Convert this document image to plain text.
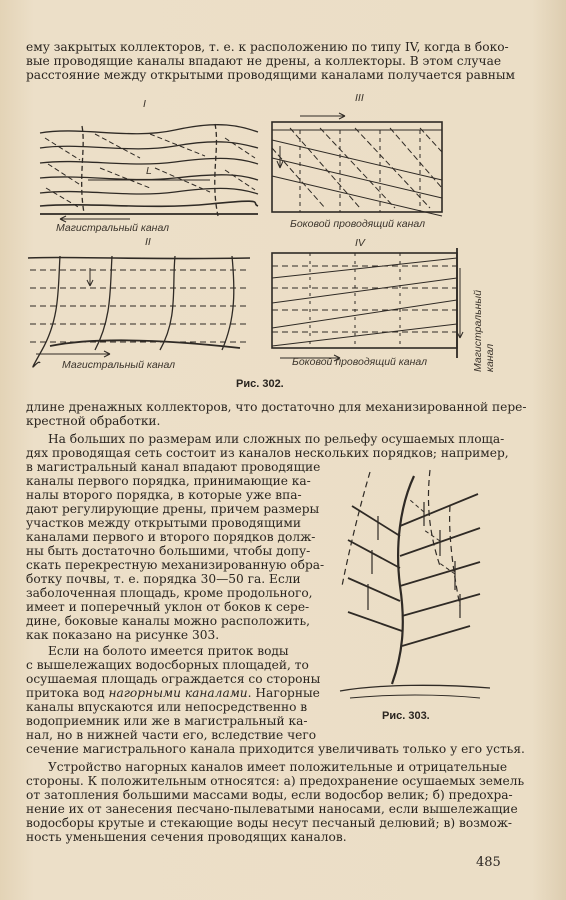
ему закрытых коллекторов, т. е. к расположению по типу IV, когда в боко-
вые проводящие каналы впадают не дрены, а коллекторы. В этом случае
расстояние между открытыми проводящими каналами получается равным
I	III
II	IV
L
Магистральный канал	Боковой проводящий канал
Магистральный канал	Боковой проводящий канал	Магистральный канал
Рис. 302.
длине дренажных коллекторов, что достаточно для механизированной пере-
крестной обработки.
На больших по размерам или сложных по рельефу осушаемых площа-
дях проводящая сеть состоит из каналов нескольких порядков; например,
в магистральный канал впадают проводящие
каналы первого порядка, принимающие ка-
налы второго порядка, в которые уже впа-
дают регулирующие дрены, причем размеры
участков между открытыми проводящими
каналами первого и второго порядков долж-
ны быть достаточно большими, чтобы допу-
скать перекрестную механизированную обра-
ботку почвы, т. е. порядка 30—50 га. Если
заболоченная площадь, кроме продольного,
имеет и поперечный уклон от боков к сере-
дине, боковые каналы можно расположить,
как показано на рисунке 303.
Если на болото имеется приток воды
с вышележащих водосборных площадей, то
осушаемая площадь ограждается со стороны
притока вод нагорными каналами. Нагорные
каналы впускаются или непосредственно в
водоприемник или же в магистральный ка-
нал, но в нижней части его, вследствие чего
сечение магистрального канала приходится увеличивать только у его устья.
Рис. 303.
Устройство нагорных каналов имеет положительные и отрицательные
стороны. К положительным относятся: а) предохранение осушаемых земель
от затопления большими массами воды, если водосбор велик; б) предохра-
нение их от занесения песчано-пылеватыми наносами, если вышележащие
водосборы крутые и стекающие воды несут песчаный делювий; в) возмож-
ность уменьшения сечения проводящих каналов.
485
